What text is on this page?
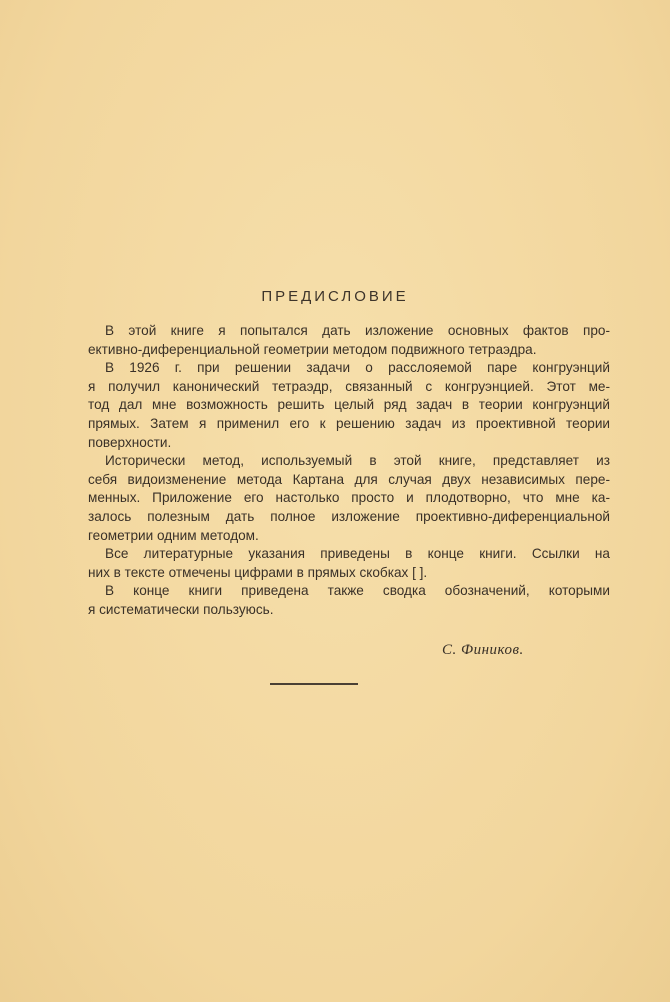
ПРЕДИСЛОВИЕ
В этой книге я попытался дать изложение основных фактов про-
ективно-диференциальной геометрии методом подвижного тетраэдра.
В 1926 г. при решении задачи о расслояемой паре конгруэнций
я получил канонический тетраэдр, связанный с конгруэнцией. Этот ме-
тод дал мне возможность решить целый ряд задач в теории конгруэнций
прямых. Затем я применил его к решению задач из проективной теории
поверхности.
Исторически метод, используемый в этой книге, представляет из
себя видоизменение метода Картана для случая двух независимых пере-
менных. Приложение его настолько просто и плодотворно, что мне ка-
залось полезным дать полное изложение проективно-диференциальной
геометрии одним методом.
Все литературные указания приведены в конце книги. Ссылки на
них в тексте отмечены цифрами в прямых скобках [ ].
В конце книги приведена также сводка обозначений, которыми
я систематически пользуюсь.
С. Фиников.
